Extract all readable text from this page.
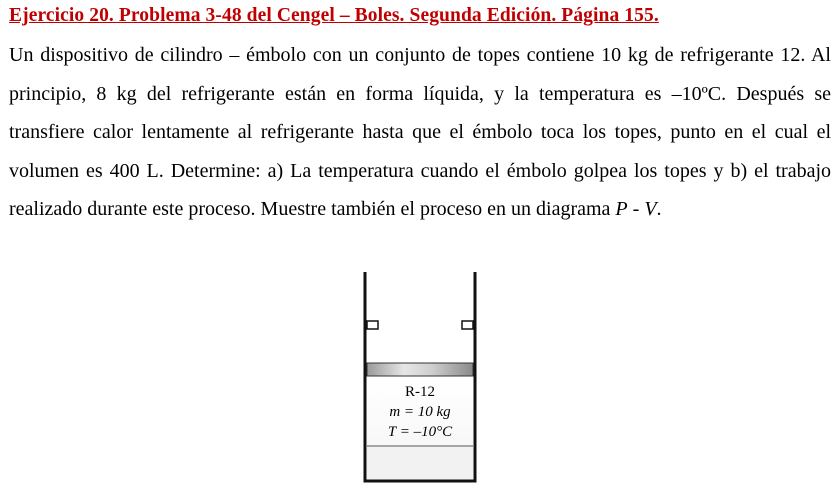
Ejercicio 20. Problema 3-48 del Cengel – Boles. Segunda Edición. Página 155.

Un dispositivo de cilindro – émbolo con un conjunto de topes contiene 10 kg de refrigerante 12. Al principio, 8 kg del refrigerante están en forma líquida, y la temperatura es –10ºC. Después se transfiere calor lentamente al refrigerante hasta que el émbolo toca los topes, punto en el cual el volumen es 400 L. Determine: a) La temperatura cuando el émbolo golpea los topes y b) el trabajo realizado durante este proceso. Muestre también el proceso en un diagrama P - V.

R-12
m = 10 kg
T = –10°C
